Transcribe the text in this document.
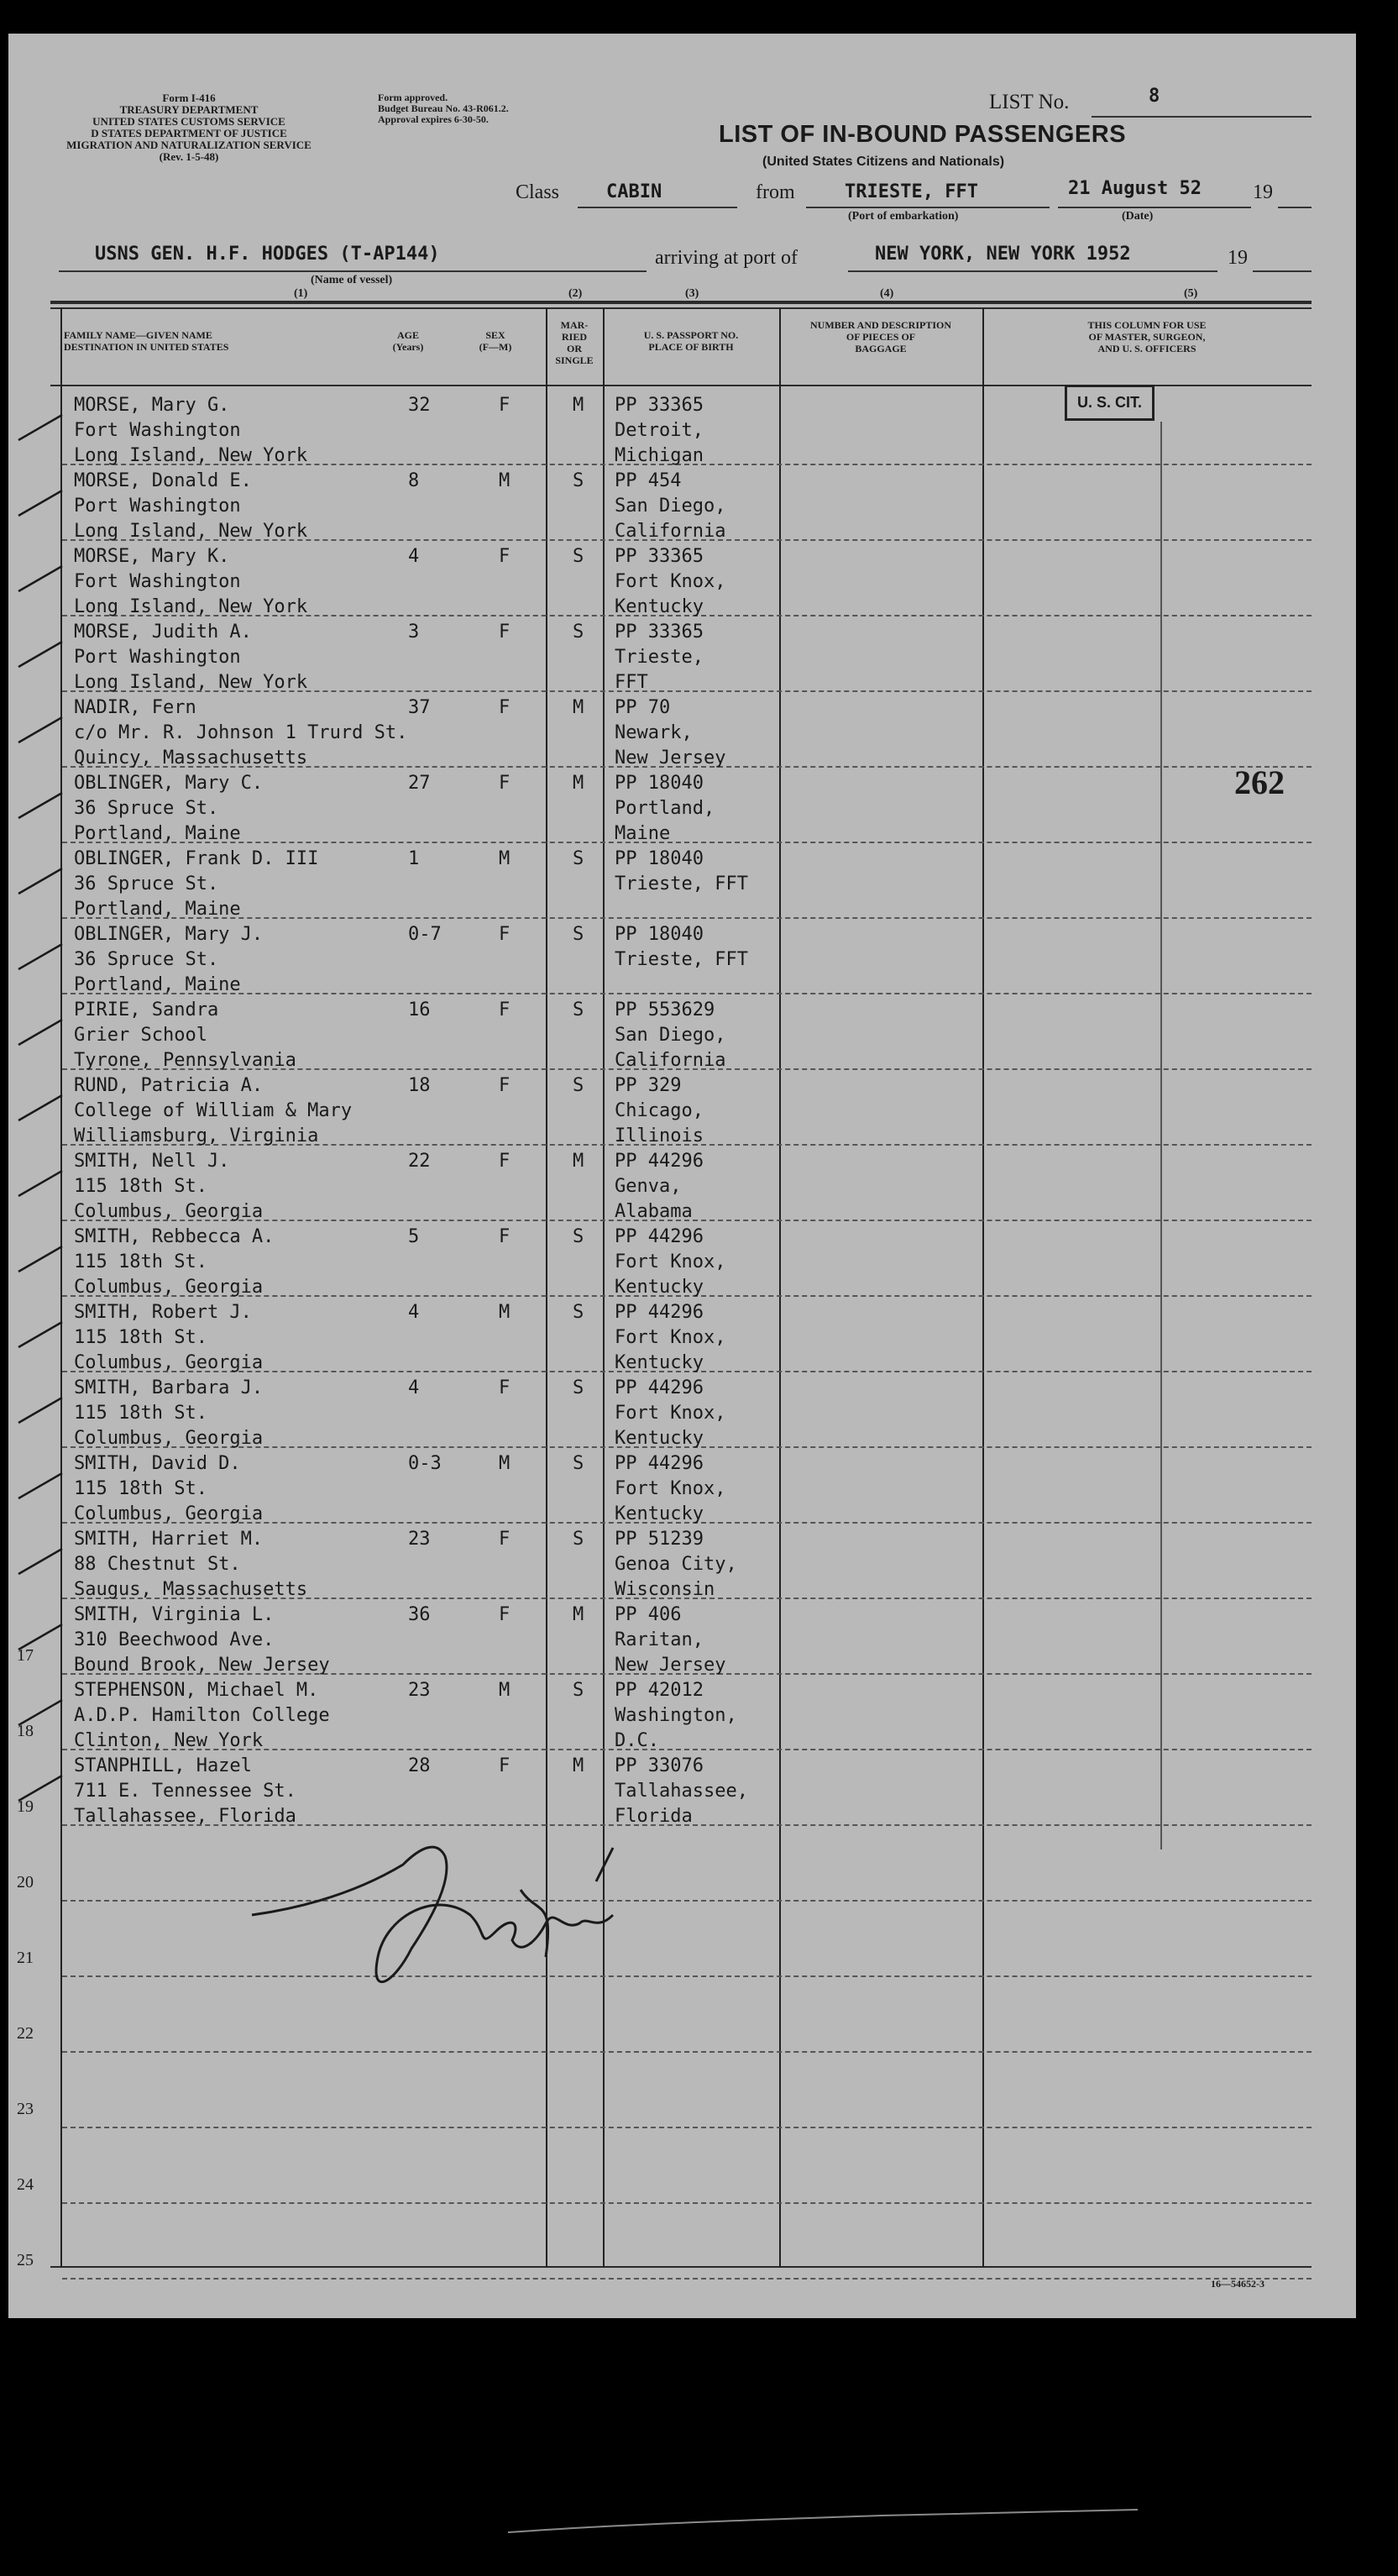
Form I-416
TREASURY DEPARTMENT
UNITED STATES CUSTOMS SERVICE
D STATES DEPARTMENT OF JUSTICE
MIGRATION AND NATURALIZATION SERVICE
(Rev. 1-5-48)
Form approved.
Budget Bureau No. 43-R061.2.
Approval expires 6-30-50.
LIST No.	8
LIST OF IN-BOUND PASSENGERS
(United States Citizens and Nationals)
Class	CABIN	from	TRIESTE, FFT
(Port of embarkation)
21 August 52	19
(Date)
USNS GEN. H.F. HODGES (T-AP144)
(Name of vessel)
(1)
arriving at port of	NEW YORK, NEW YORK 1952	19
(2)	(3)	(4)	(5)
FAMILY NAME—GIVEN NAME
DESTINATION IN UNITED STATES
AGE
(Years)
SEX
(F—M)
MAR-
RIED
OR
SINGLE
U. S. PASSPORT NO.
PLACE OF BIRTH
NUMBER AND DESCRIPTION
OF PIECES OF
BAGGAGE
THIS COLUMN FOR USE
OF MASTER, SURGEON,
AND U. S. OFFICERS
U. S. CIT.
262
17
18
19
20
21
22
23
24
25
MORSE, Mary G.
Fort Washington
Long Island, New York
32	F	M PP 33365
Detroit,
Michigan
MORSE, Donald E.
Port Washington
Long Island, New York
8	M	S PP 454
San Diego,
California
MORSE, Mary K.
Fort Washington
Long Island, New York
4	F	S PP 33365
Fort Knox,
Kentucky
MORSE, Judith A.
Port Washington
Long Island, New York
3	F	S PP 33365
Trieste,
FFT
NADIR, Fern
c/o Mr. R. Johnson 1 Trurd St.
Quincy, Massachusetts
37	F	M PP 70
Newark,
New Jersey
OBLINGER, Mary C.
36 Spruce St.
Portland, Maine
27	F	M PP 18040
Portland,
Maine
OBLINGER, Frank D. III
36 Spruce St.
Portland, Maine
1	M	S PP 18040
Trieste, FFT
OBLINGER, Mary J.
36 Spruce St.
Portland, Maine
0-7	F	S PP 18040
Trieste, FFT
PIRIE, Sandra
Grier School
Tyrone, Pennsylvania
16	F	S PP 553629
San Diego,
California
RUND, Patricia A.
College of William & Mary
Williamsburg, Virginia
18	F	S PP 329
Chicago,
Illinois
SMITH, Nell J.
115 18th St.
Columbus, Georgia
22	F	M PP 44296
Genva,
Alabama
SMITH, Rebbecca A.
115 18th St.
Columbus, Georgia
5	F	S PP 44296
Fort Knox,
Kentucky
SMITH, Robert J.
115 18th St.
Columbus, Georgia
4	M	S PP 44296
Fort Knox,
Kentucky
SMITH, Barbara J.
115 18th St.
Columbus, Georgia
4	F	S PP 44296
Fort Knox,
Kentucky
SMITH, David D.
115 18th St.
Columbus, Georgia
0-3	M	S PP 44296
Fort Knox,
Kentucky
SMITH, Harriet M.
88 Chestnut St.
Saugus, Massachusetts
23	F	S PP 51239
Genoa City,
Wisconsin
SMITH, Virginia L.
310 Beechwood Ave.
Bound Brook, New Jersey
36	F	M PP 406
Raritan,
New Jersey
STEPHENSON, Michael M.
A.D.P. Hamilton College
Clinton, New York
23	M	S PP 42012
Washington,
D.C.
STANPHILL, Hazel
711 E. Tennessee St.
Tallahassee, Florida
28	F	M PP 33076
Tallahassee,
Florida
16—54652-3
